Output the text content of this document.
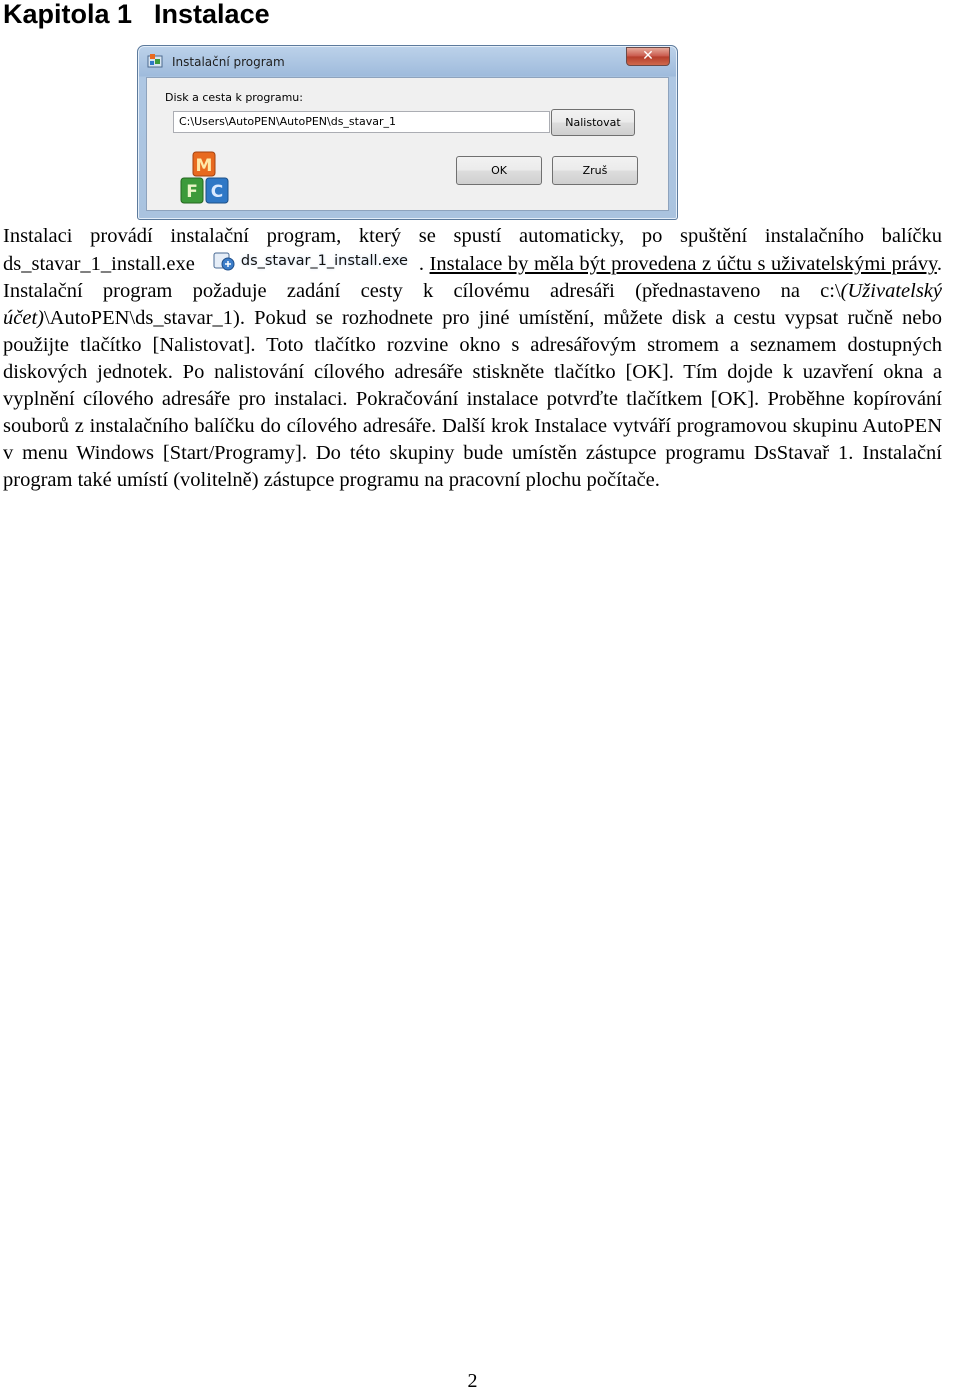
Kapitola 1 Instalace
Instalační program	✕
Disk a cesta k programu:
C:\Users\AutoPEN\AutoPEN\ds_stavar_1	Nalistovat
M
F C
OK	Zruš

Instalaci provádí instalační program, který se spustí automaticky, po spuštění instalačního balíčku ds_stavar_1_install.exe	ds_stavar_1_install.exe . Instalace by měla být provedena z účtu s uživatelskými právy. Instalační program požaduje zadání cesty k cílovému adresáři (přednastaveno na c:\(Uživatelský účet)\AutoPEN\ds_stavar_1). Pokud se rozhodnete pro jiné umístění, můžete disk a cestu vypsat ručně nebo použijte tlačítko [Nalistovat]. Toto tlačítko rozvine okno s adresářovým stromem a seznamem dostupných diskových jednotek. Po nalistování cílového adresáře stiskněte tlačítko [OK]. Tím dojde k uzavření okna a vyplnění cílového adresáře pro instalaci. Pokračování instalace potvrďte tlačítkem [OK]. Proběhne kopírování souborů z instalačního balíčku do cílového adresáře. Další krok Instalace vytváří programovou skupinu AutoPEN v menu Windows [Start/Programy]. Do této skupiny bude umístěn zástupce programu DsStavař 1. Instalační program také umístí (volitelně) zástupce programu na pracovní plochu počítače.

2
